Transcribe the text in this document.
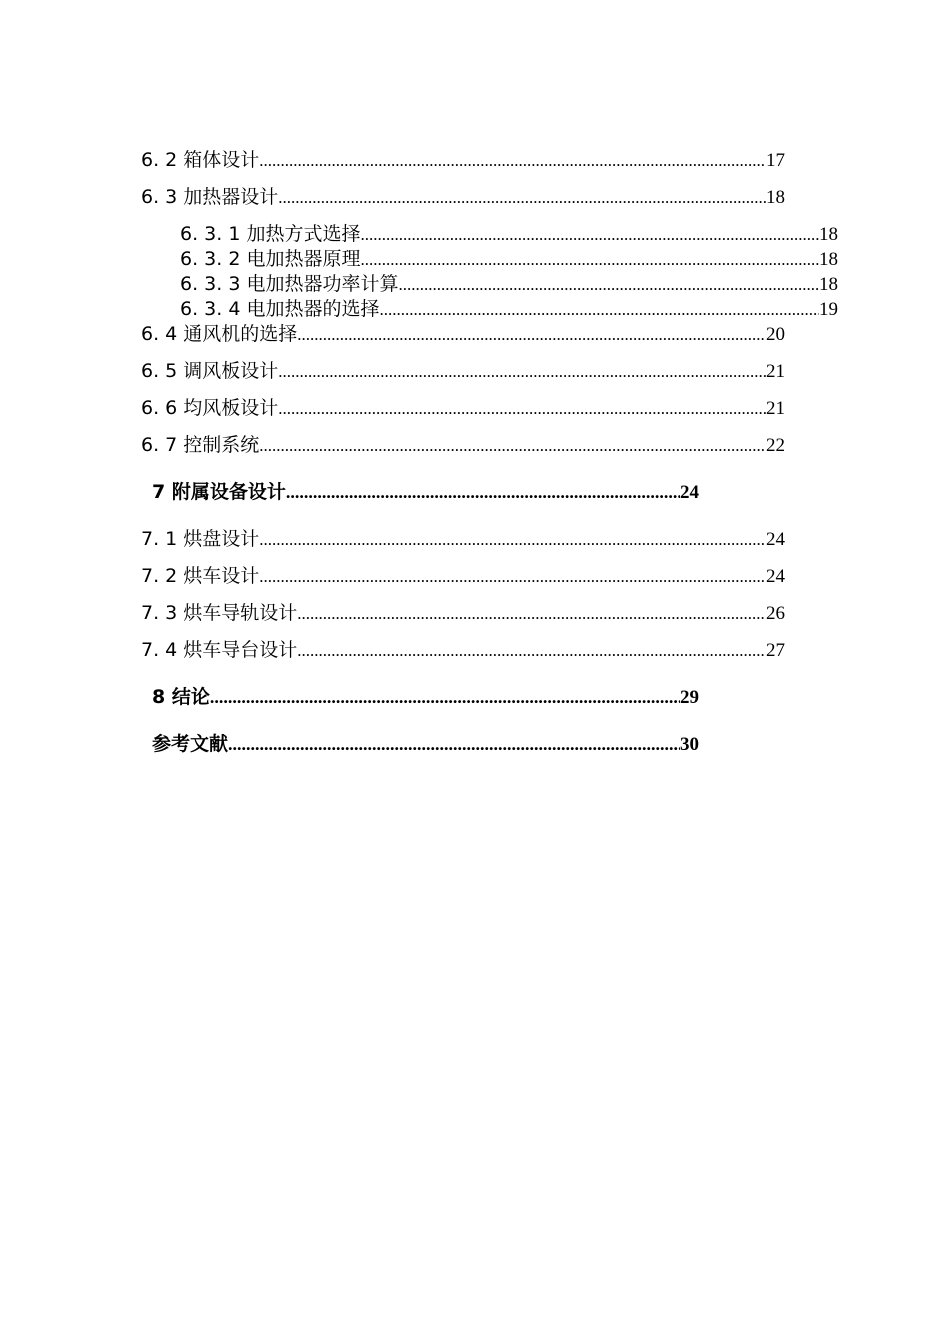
6. 2 箱体设计 .....	17
6. 3 加热器设计 .....	18
6. 3. 1 加热方式选择 .....	18
6. 3. 2 电加热器原理 .....	18
6. 3. 3 电加热器功率计算 .....	18
6. 3. 4 电加热器的选择 .....	19
6. 4 通风机的选择 .....	20
6. 5 调风板设计 .....	21
6. 6 均风板设计 .....	21
6. 7 控制系统 .....	22
7 附属设备设计 .....	24
7. 1 烘盘设计 .....	24
7. 2 烘车设计 .....	24
7. 3 烘车导轨设计 .....	26
7. 4 烘车导台设计 .....	27
8 结论 .....	29
参考文献 .....	30
